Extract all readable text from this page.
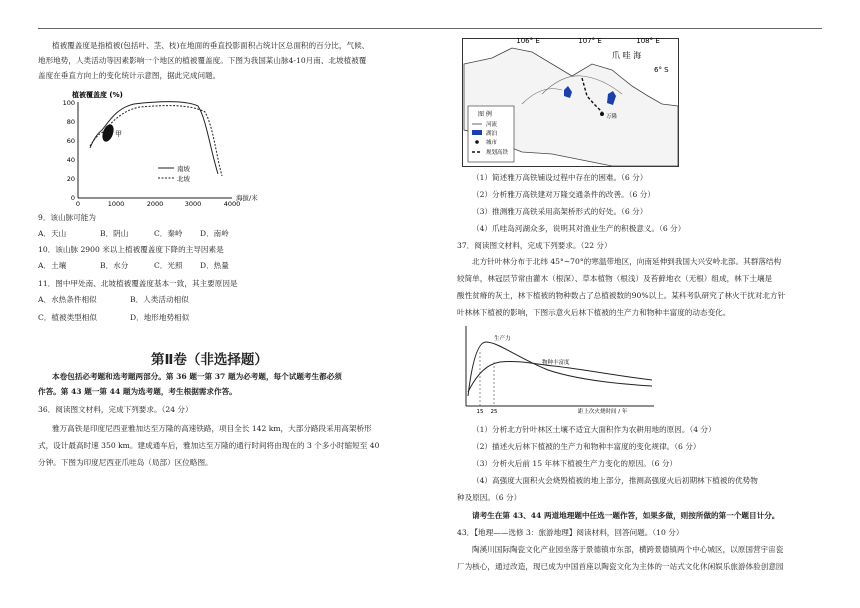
植被覆盖度是指植被(包括叶、茎、枝)在地面的垂直投影面积占统计区总面积的百分比，气候、
地形地势，人类活动等因素影响一个地区的植被覆盖度。下图为我国某山脉4-10月南、北坡植被覆
盖度在垂直方向上的变化统计示意图，据此完成问题。
植被覆盖度 (%)
100
80
60
40
20
0
0	1000	2000	3000	4000
海拔/米
甲
南坡
北坡
9．该山脉可能为
A．天山	B．阴山	C．秦岭 D．南岭
10．该山脉 2900 米以上植被覆盖度下降的主导因素是
A．土壤	B．水分	C．光照 D．热量
11．图中甲处南、北坡植被覆盖度基本一致，其主要原因是
A．水热条件相似	B．人类活动相似
C．植被类型相似	D．地形地势相似
第Ⅱ卷（非选择题）
本卷包括必考题和选考题两部分。第 36 题一第 37 题为必考题，每个试题考生都必须
作答。第 43 题一第 44 题为选考题，考生根据需求作答。
36．阅读图文材料，完成下列要求。（24 分）
雅万高铁是印度尼西亚雅加达至万隆的高速铁路，项目全长 142 km，大部分路段采用高架桥形
式，设计最高时速 350 km。建成通车后，雅加达至万隆的通行时间将由现在的 3 个多小时缩短至 40
分钟。下图为印度尼西亚爪哇岛（局部）区位略图。
106° E	107° E	108° E
6° S
爪 哇 海
万隆
图 例
河流
湖泊
城市
规划高铁
（1）简述雅万高铁铺设过程中存在的困难。（6 分）
（2）分析雅万高铁建对万隆交通条件的改善。（6 分）
（3）推测雅万高铁采用高架桥形式的好处。（6 分）
（4）爪哇岛河湖众多，说明其对渔业生产的积极意义。（6 分）
37．阅读图文材料，完成下列要求。（22 分）
北方针叶林分布于北纬 45°~70°的寒温带地区，向南延伸到我国大兴安岭北部。其群落结构
较简单，林冠层节常由灌木（根深）、草本植物（根浅）及苔藓地衣（无根）组成，林下土壤是
酸性贫瘠的灰土，林下植被的物种数占了总植被数的90%以上。某科考队研究了林火干扰对北方针
叶林林下植被的影响，下图示意火后林下植被的生产力和物种丰富度的动态变化。
生产力
物种丰富度
15 25	距上次火烧时间 / 年
（1）分析北方针叶林区土壤不适宜大面积作为农耕用地的原因。（4 分）
（2）描述火后林下植被的生产力和物种丰富度的变化规律。（6 分）
（3）分析火后前 15 年林下植被生产力变化的原因。（6 分）
（4）高强度大面积火会烧毁植被的地上部分，推测高强度火后初期林下植被的优势物
种及原因。（6 分）
请考生在第 43、44 两道地理题中任选一题作答，如果多做，则按所做的第一个题目计分。
43．【地理——选修 3：旅游地理】阅读材料，回答问题。（10 分）
陶溪川国际陶瓷文化产业园坐落于景德镇市东部，横跨景德镇两个中心城区，以原国营宇宙瓷
厂为核心，通过改造，现已成为中国首座以陶瓷文化为主体的一站式文化休闲娱乐旅游体验创意园
